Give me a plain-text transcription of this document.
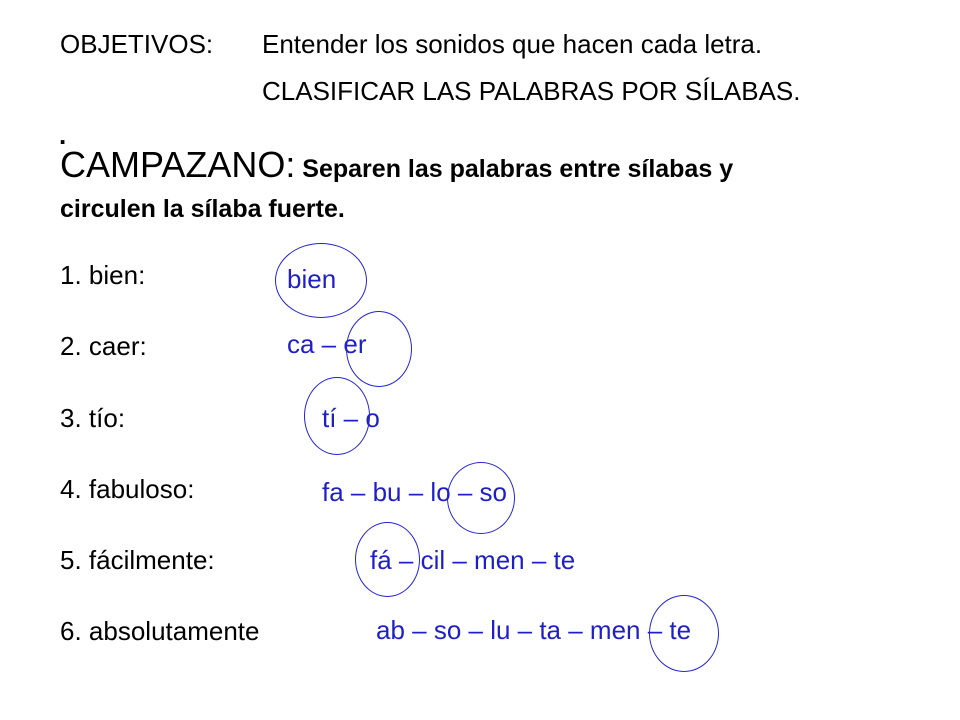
OBJETIVOS: Entender los sonidos que hacen cada letra.
CLASIFICAR LAS PALABRAS POR SÍLABAS.
.
CAMPAZANO: Separen las palabras entre sílabas y
circulen la sílaba fuerte.
1. bien:
2. caer:
3. tío:
4. fabuloso:
5. fácilmente:
6. absolutamente
bien
ca – er
tí – o
fa – bu – lo – so
fá – cil – men – te
ab – so – lu – ta – men – te
